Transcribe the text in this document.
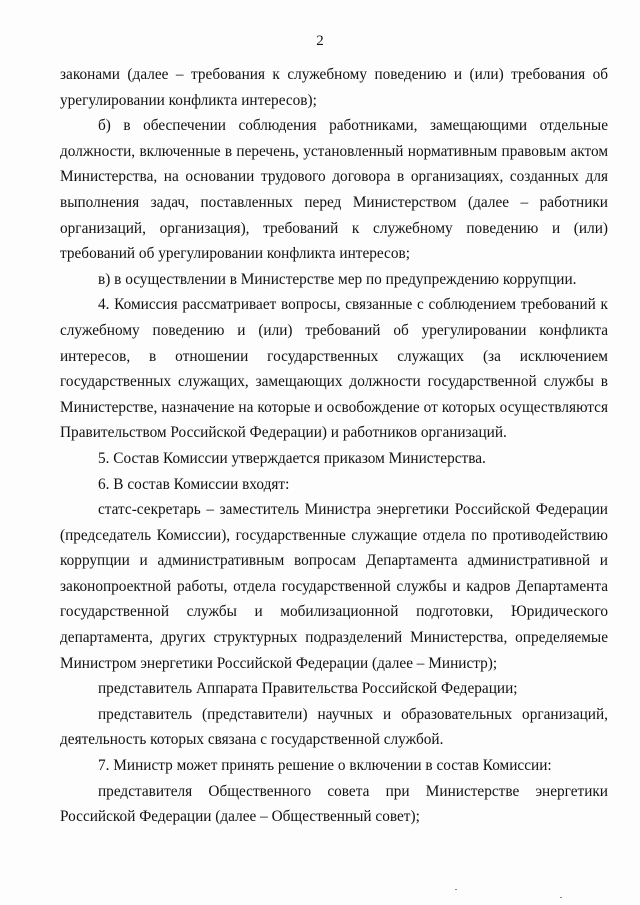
2

законами (далее – требования к служебному поведению и (или) требования об урегулировании конфликта интересов);

б) в обеспечении соблюдения работниками, замещающими отдельные должности, включенные в перечень, установленный нормативным правовым актом Министерства, на основании трудового договора в организациях, созданных для выполнения задач, поставленных перед Министерством (далее – работники организаций, организация), требований к служебному поведению и (или) требований об урегулировании конфликта интересов;

в) в осуществлении в Министерстве мер по предупреждению коррупции.

4. Комиссия рассматривает вопросы, связанные с соблюдением требований к служебному поведению и (или) требований об урегулировании конфликта интересов, в отношении государственных служащих (за исключением государственных служащих, замещающих должности государственной службы в Министерстве, назначение на которые и освобождение от которых осуществляются Правительством Российской Федерации) и работников организаций.

5. Состав Комиссии утверждается приказом Министерства.

6. В состав Комиссии входят:

статс-секретарь – заместитель Министра энергетики Российской Федерации (председатель Комиссии), государственные служащие отдела по противодействию коррупции и административным вопросам Департамента административной и законопроектной работы, отдела государственной службы и кадров Департамента государственной службы и мобилизационной подготовки, Юридического департамента, других структурных подразделений Министерства, определяемые Министром энергетики Российской Федерации (далее – Министр);

представитель Аппарата Правительства Российской Федерации;

представитель (представители) научных и образовательных организаций, деятельность которых связана с государственной службой.

7. Министр может принять решение о включении в состав Комиссии:

представителя Общественного совета при Министерстве энергетики Российской Федерации (далее – Общественный совет);
